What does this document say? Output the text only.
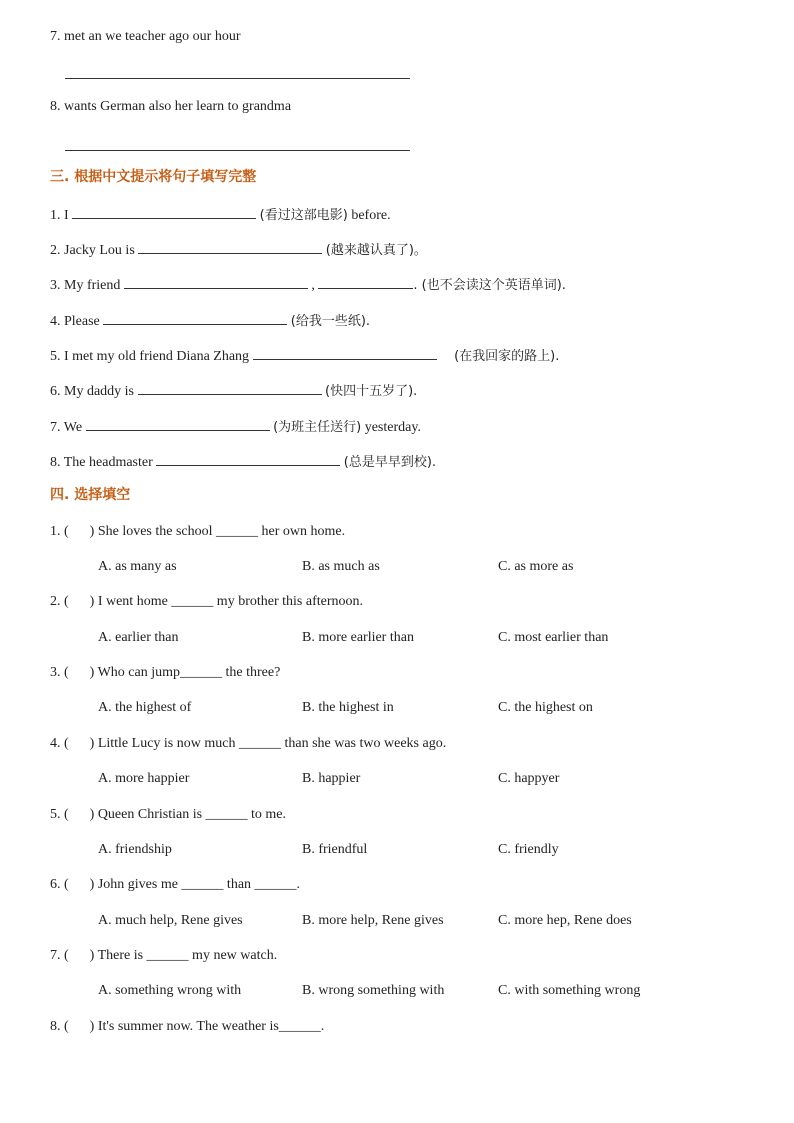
7. met an we teacher ago our hour
8. wants German also her learn to grandma
三. 根据中文提示将句子填写完整
1. I	(看过这部电影) before.
2. Jacky Lou is	(越来越认真了)。
3. My friend	,	. (也不会读这个英语单词).
4. Please	(给我一些纸).
5. I met my old friend Diana Zhang	(在我回家的路上).
6. My daddy is	(快四十五岁了).
7. We	(为班主任送行) yesterday.
8. The headmaster	(总是早早到校).
四. 选择填空
1. (      ) She loves the school ______ her own home.
A. as many as	B. as much as	C. as more as
2. (      ) I went home ______ my brother this afternoon.
A. earlier than	B. more earlier than	C. most earlier than
3. (      ) Who can jump______ the three?
A. the highest of	B. the highest in	C. the highest on
4. (      ) Little Lucy is now much ______ than she was two weeks ago.
A. more happier	B. happier	C. happyer
5. (      ) Queen Christian is ______ to me.
A. friendship	B. friendful	C. friendly
6. (      ) John gives me ______ than ______.
A. much help, Rene gives	B. more help, Rene gives	C. more hep, Rene does
7. (      ) There is ______ my new watch.
A. something wrong with	B. wrong something with	C. with something wrong
8. (      ) It's summer now. The weather is______.
